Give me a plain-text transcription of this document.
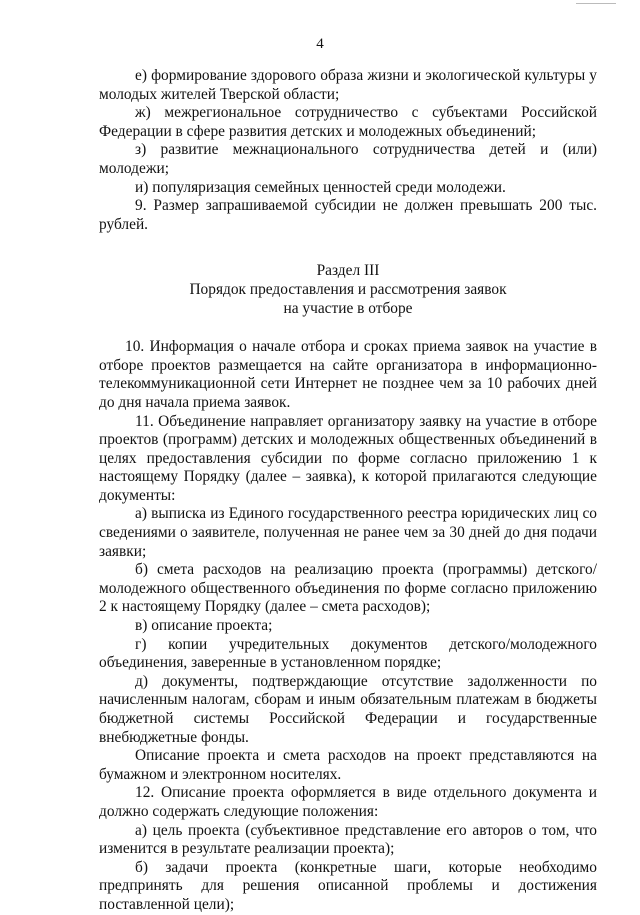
4

е) формирование здорового образа жизни и экологической культуры у молодых жителей Тверской области;

ж) межрегиональное сотрудничество с субъектами Российской Федерации в сфере развития детских и молодежных объединений;

з) развитие межнационального сотрудничества детей и (или) молодежи;

и) популяризация семейных ценностей среди молодежи.

9. Размер запрашиваемой субсидии не должен превышать 200 тыс. рублей.

Раздел III
Порядок предоставления и рассмотрения заявок
на участие в отборе

10. Информация о начале отбора и сроках приема заявок на участие в отборе проектов размещается на сайте организатора в информационно-телекоммуникационной сети Интернет не позднее чем за 10 рабочих дней до дня начала приема заявок.

11. Объединение направляет организатору заявку на участие в отборе проектов (программ) детских и молодежных общественных объединений в целях предоставления субсидии по форме согласно приложению 1 к настоящему Порядку (далее – заявка), к которой прилагаются следующие документы:

а) выписка из Единого государственного реестра юридических лиц со сведениями о заявителе, полученная не ранее чем за 30 дней до дня подачи заявки;

б) смета расходов на реализацию проекта (программы) детского/молодежного общественного объединения по форме согласно приложению 2 к настоящему Порядку (далее – смета расходов);

в) описание проекта;

г) копии учредительных документов детского/молодежного объединения, заверенные в установленном порядке;

д) документы, подтверждающие отсутствие задолженности по начисленным налогам, сборам и иным обязательным платежам в бюджеты бюджетной системы Российской Федерации и государственные внебюджетные фонды.

Описание проекта и смета расходов на проект представляются на бумажном и электронном носителях.

12. Описание проекта оформляется в виде отдельного документа и должно содержать следующие положения:

а) цель проекта (субъективное представление его авторов о том, что изменится в результате реализации проекта);

б) задачи проекта (конкретные шаги, которые необходимо предпринять для решения описанной проблемы и достижения поставленной цели);
